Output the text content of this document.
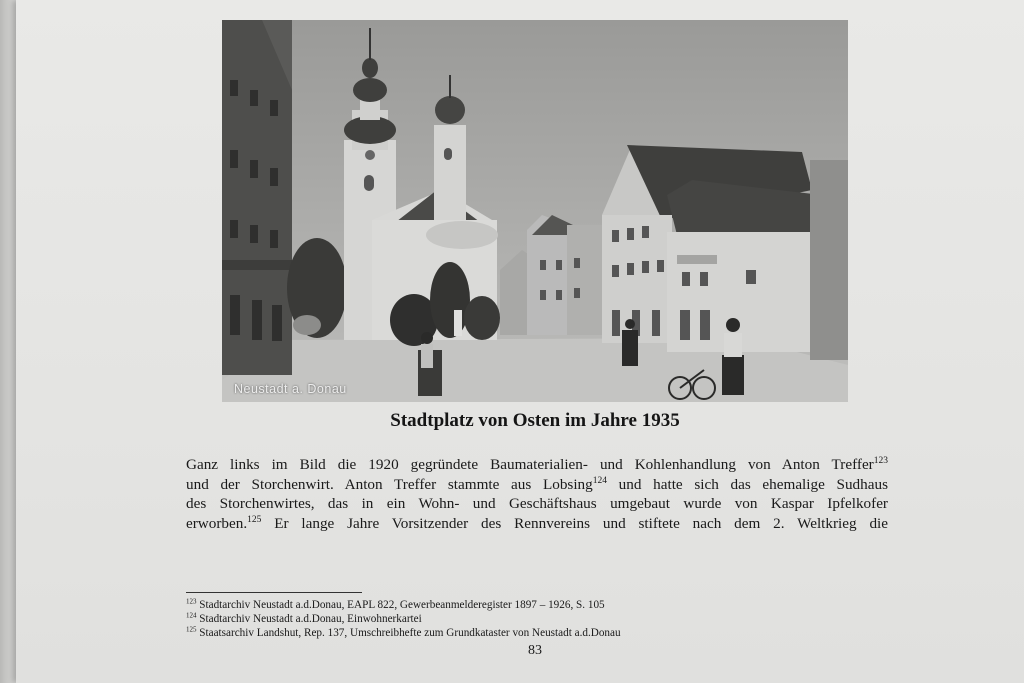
Neustadt a. Donau
Stadtplatz von Osten im Jahre 1935
Ganz links im Bild die 1920 gegründete Baumaterialien- und Kohlenhandlung von Anton Treffer$^{123}$
und der Storchenwirt. Anton Treffer stammte aus Lobsing$^{124}$ und hatte sich das ehemalige Sudhaus
des Storchenwirtes, das in ein Wohn- und Geschäftshaus umgebaut wurde von Kaspar Ipfelkofer
erworben.$^{125}$ Er lange Jahre Vorsitzender des Rennvereins und stiftete nach dem 2. Weltkrieg die
$^{123}$ Stadtarchiv Neustadt a.d.Donau, EAPL 822, Gewerbeanmelderegister 1897 – 1926, S. 105
$^{124}$ Stadtarchiv Neustadt a.d.Donau, Einwohnerkartei
$^{125}$ Staatsarchiv Landshut, Rep. 137, Umschreibhefte zum Grundkataster von Neustadt a.d.Donau
83
